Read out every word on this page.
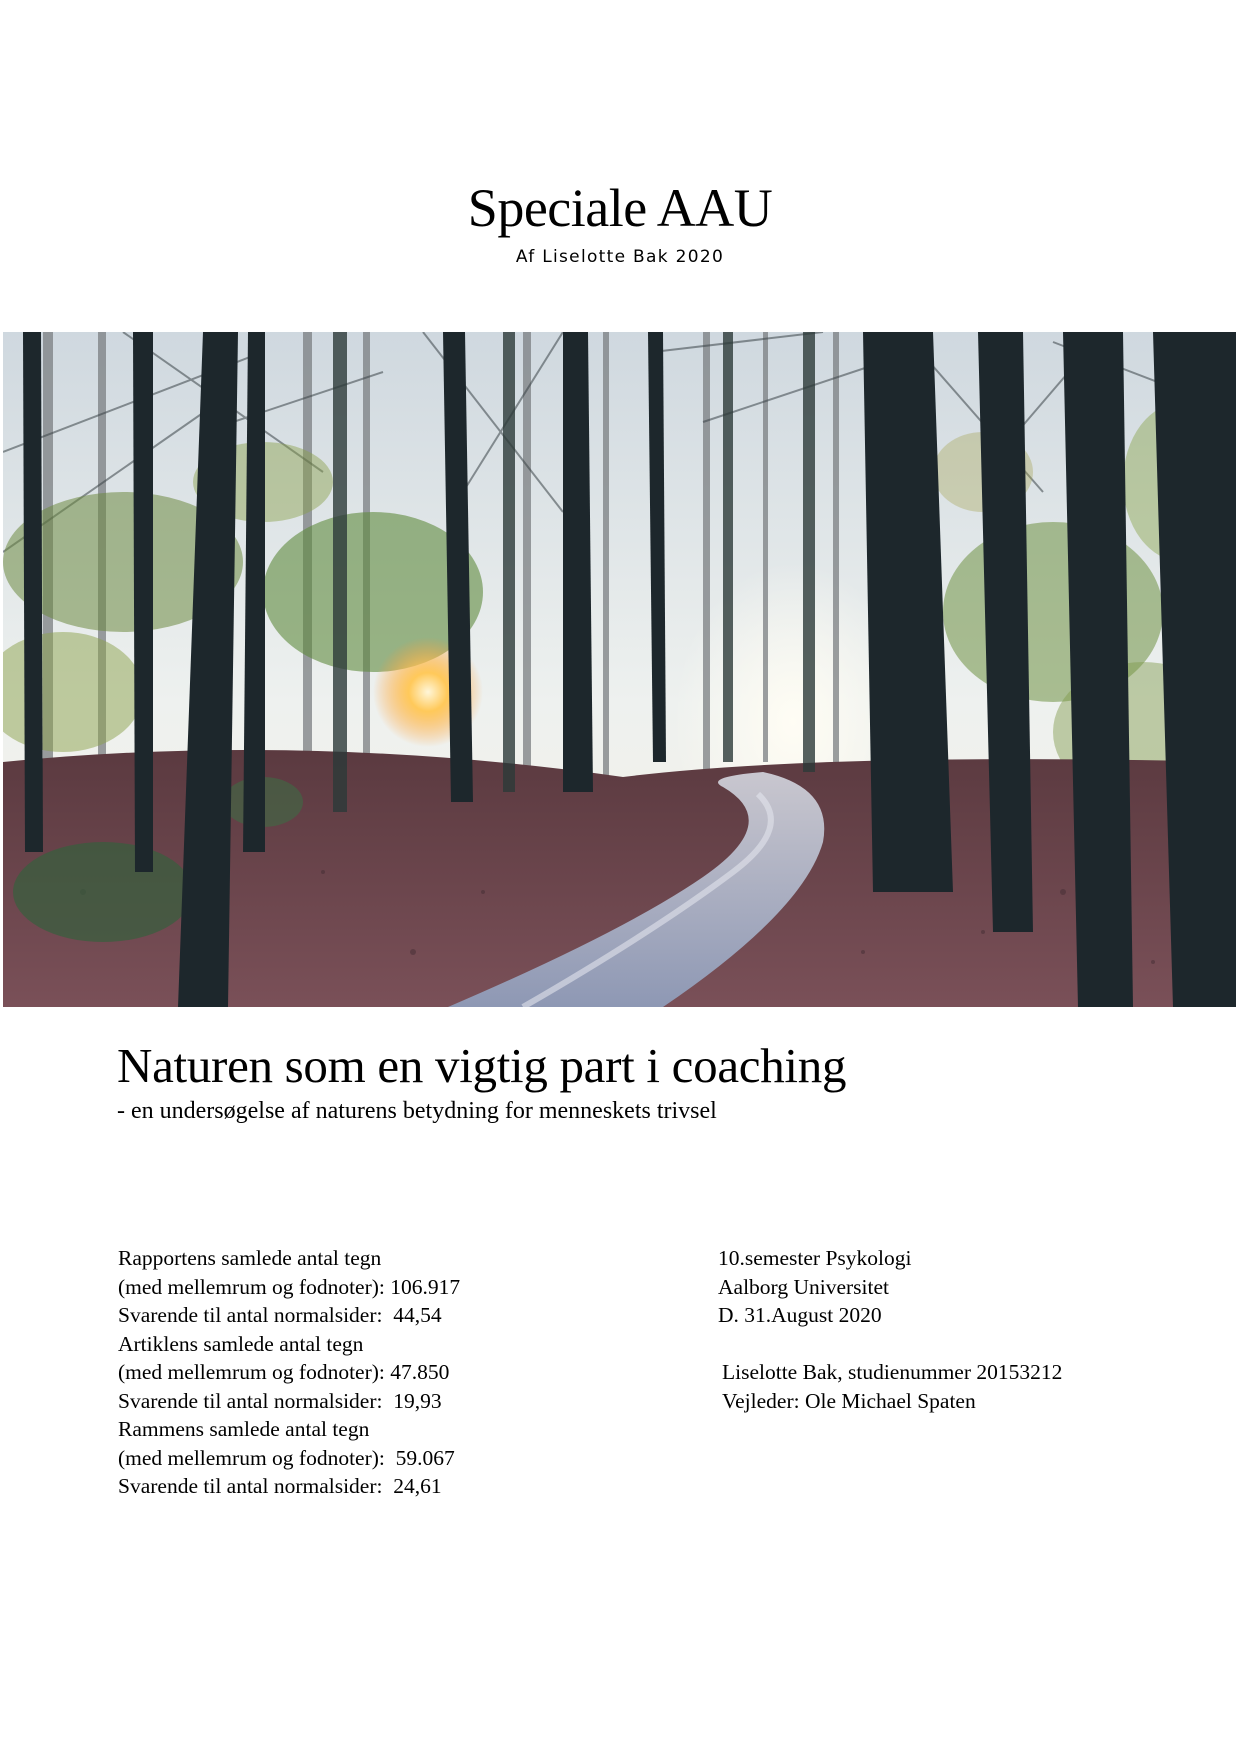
Speciale AAU
Af Liselotte Bak 2020
Naturen som en vigtig part i coaching
- en undersøgelse af naturens betydning for menneskets trivsel
Rapportens samlede antal tegn
(med mellemrum og fodnoter): 106.917
Svarende til antal normalsider:  44,54
Artiklens samlede antal tegn
(med mellemrum og fodnoter): 47.850
Svarende til antal normalsider:  19,93
Rammens samlede antal tegn
(med mellemrum og fodnoter):  59.067
Svarende til antal normalsider:  24,61
10.semester Psykologi
Aalborg Universitet
D. 31.August 2020
Liselotte Bak, studienummer 20153212
Vejleder: Ole Michael Spaten
